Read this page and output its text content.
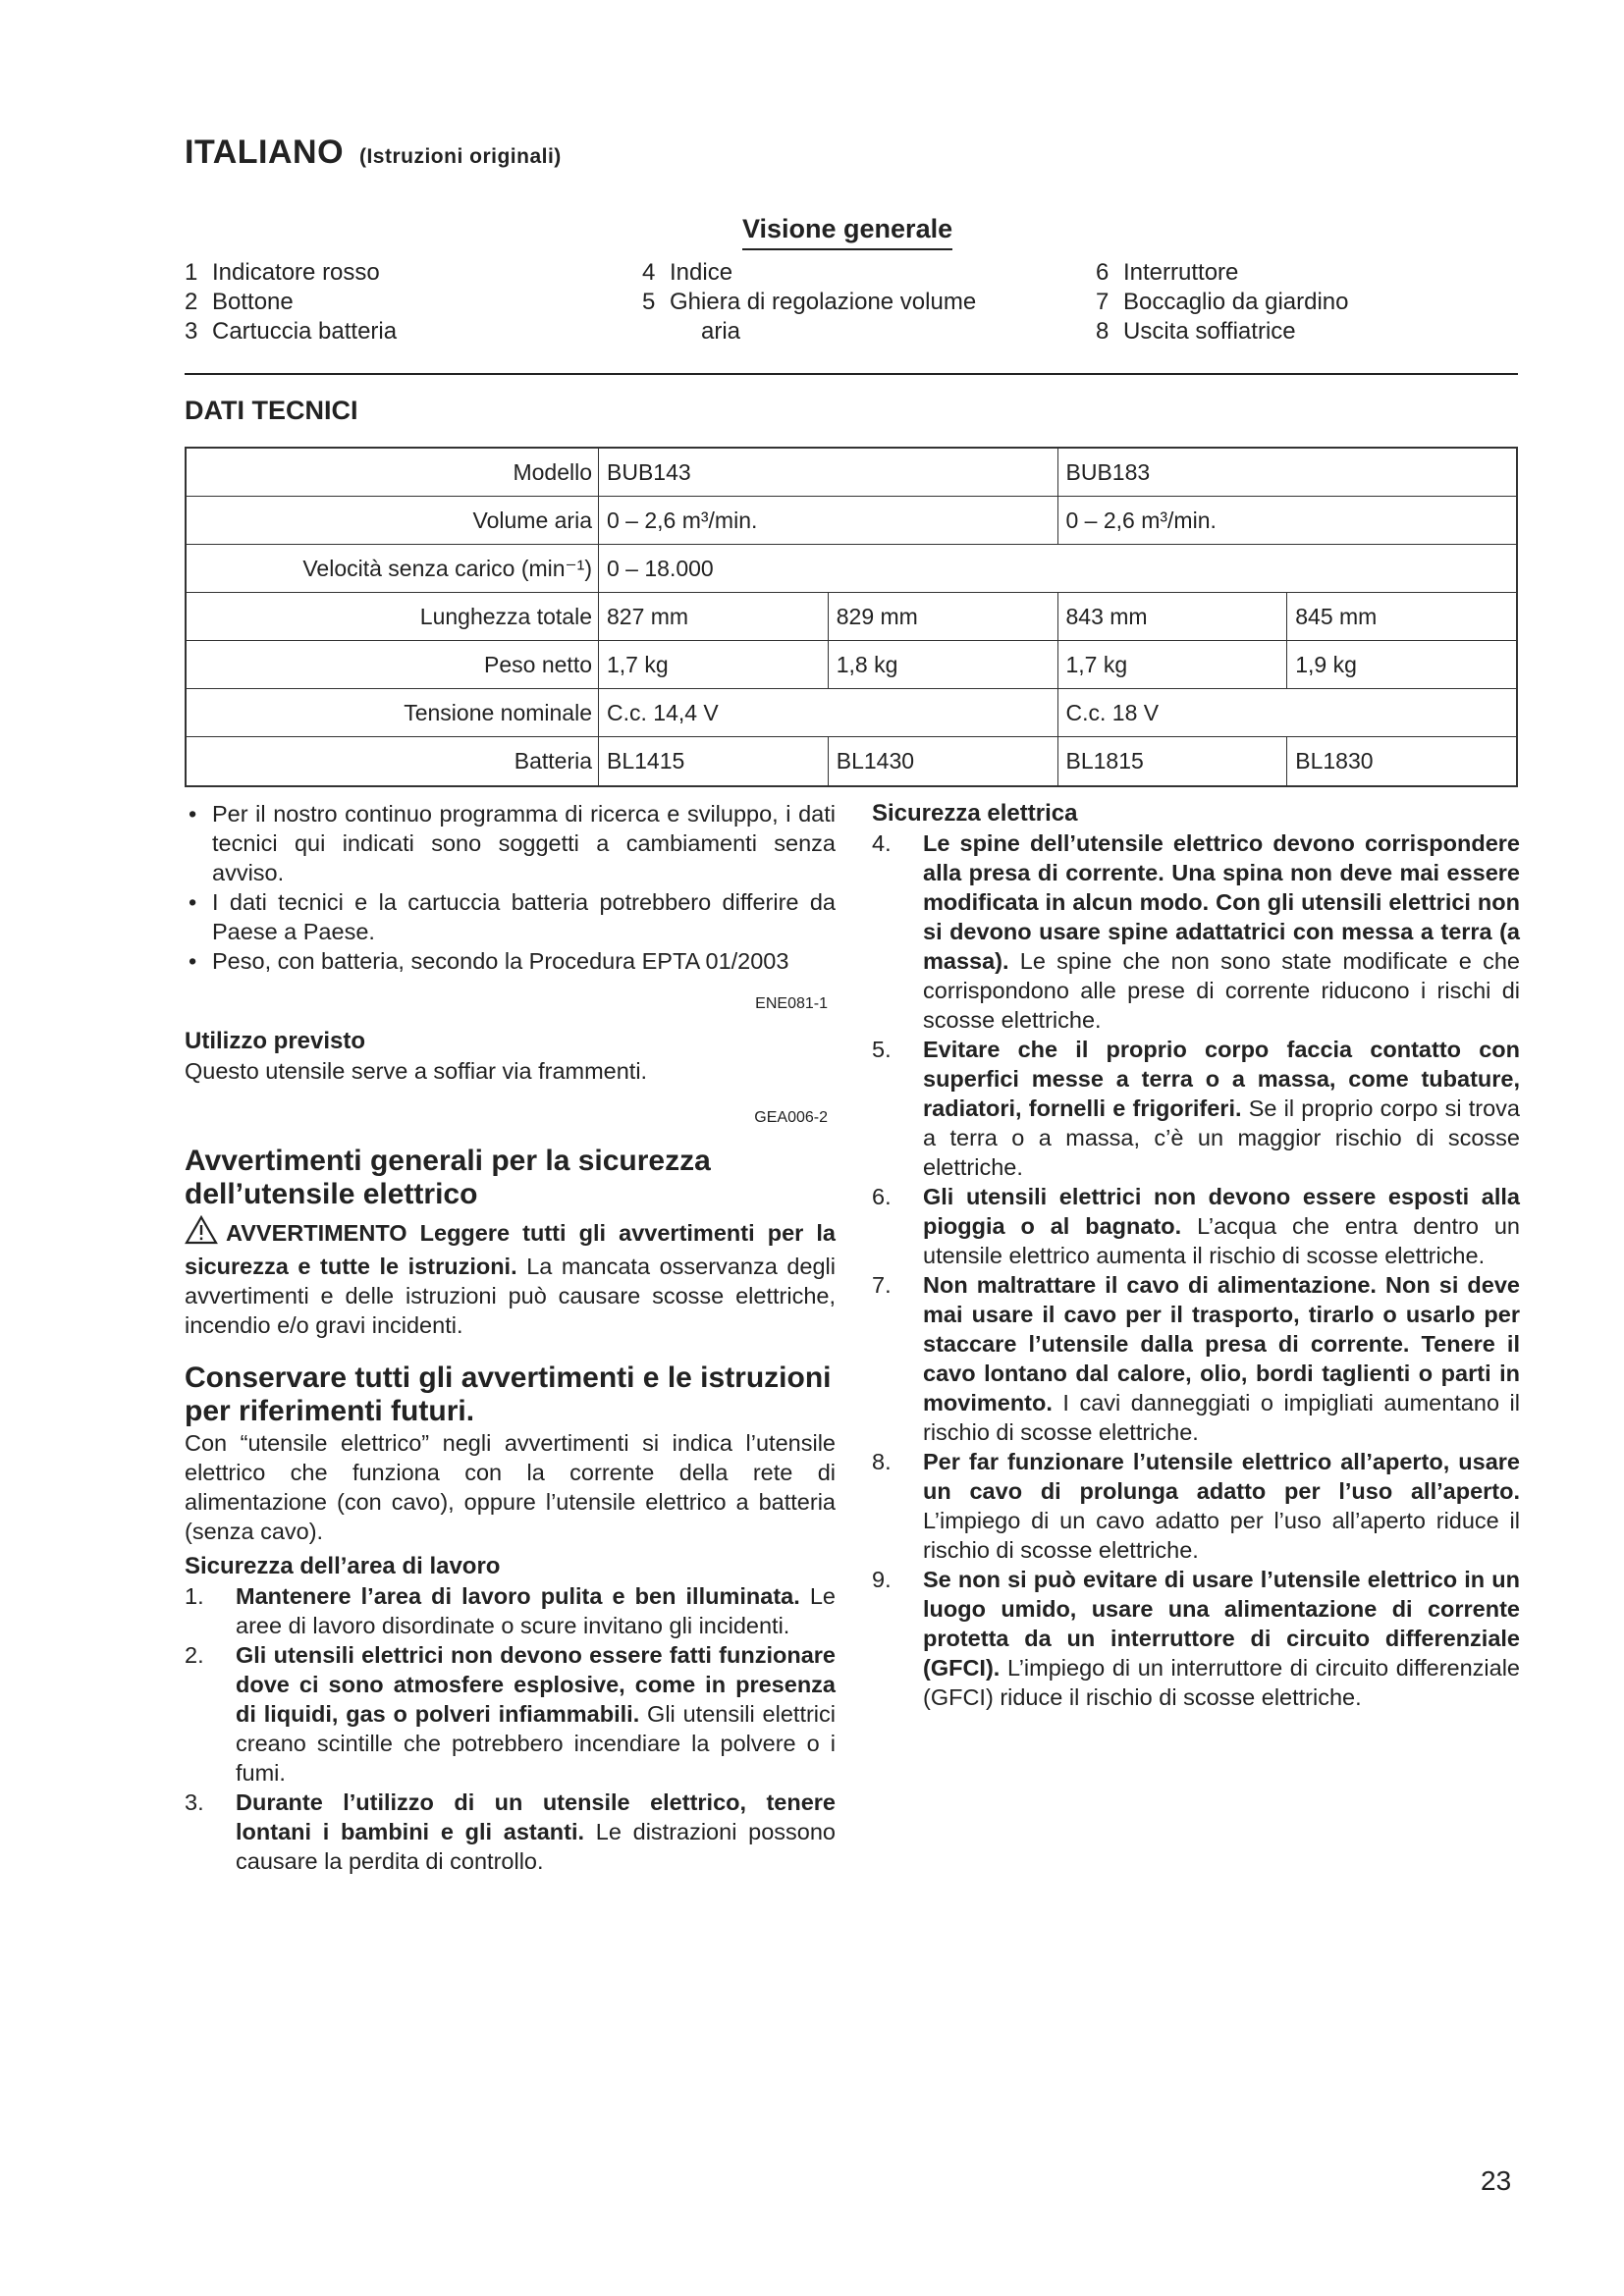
ITALIANO (Istruzioni originali)
Visione generale
1 Indicatore rosso
2 Bottone
3 Cartuccia batteria
4 Indice
5 Ghiera di regolazione volume
aria
6 Interruttore
7 Boccaglio da giardino
8 Uscita soffiatrice
DATI TECNICI
Modello BUB143	BUB183
Volume aria 0 – 2,6 m³/min.	0 – 2,6 m³/min.
Velocità senza carico (min⁻¹) 0 – 18.000
Lunghezza totale 827 mm	829 mm	843 mm	845 mm
Peso netto 1,7 kg	1,8 kg	1,7 kg	1,9 kg
Tensione nominale C.c. 14,4 V	C.c. 18 V
Batteria BL1415	BL1430	BL1815	BL1830
• Per il nostro continuo programma di ricerca e sviluppo, i dati tecnici qui indicati sono soggetti a cambiamenti senza avviso.
• I dati tecnici e la cartuccia batteria potrebbero differire da Paese a Paese.
• Peso, con batteria, secondo la Procedura EPTA 01/2003
ENE081-1
Utilizzo previsto
Questo utensile serve a soffiar via frammenti.
GEA006-2
Avvertimenti generali per la sicurezza dell’utensile elettrico
AVVERTIMENTO Leggere tutti gli avvertimenti per la sicurezza e tutte le istruzioni. La mancata osservanza degli avvertimenti e delle istruzioni può causare scosse elettriche, incendio e/o gravi incidenti.
Conservare tutti gli avvertimenti e le istruzioni per riferimenti futuri.
Con “utensile elettrico” negli avvertimenti si indica l’utensile elettrico che funziona con la corrente della rete di alimentazione (con cavo), oppure l’utensile elettrico a batteria (senza cavo).
Sicurezza dell’area di lavoro
1.	Mantenere l’area di lavoro pulita e ben illuminata. Le aree di lavoro disordinate o scure invitano gli incidenti.
2.	Gli utensili elettrici non devono essere fatti funzionare dove ci sono atmosfere esplosive, come in presenza di liquidi, gas o polveri infiammabili. Gli utensili elettrici creano scintille che potrebbero incendiare la polvere o i fumi.
3.	Durante l’utilizzo di un utensile elettrico, tenere lontani i bambini e gli astanti. Le distrazioni possono causare la perdita di controllo.
Sicurezza elettrica
4.	Le spine dell’utensile elettrico devono corrispondere alla presa di corrente. Una spina non deve mai essere modificata in alcun modo. Con gli utensili elettrici non si devono usare spine adattatrici con messa a terra (a massa). Le spine che non sono state modificate e che corrispondono alle prese di corrente riducono i rischi di scosse elettriche.
5.	Evitare che il proprio corpo faccia contatto con superfici messe a terra o a massa, come tubature, radiatori, fornelli e frigoriferi. Se il proprio corpo si trova a terra o a massa, c’è un maggior rischio di scosse elettriche.
6.	Gli utensili elettrici non devono essere esposti alla pioggia o al bagnato. L’acqua che entra dentro un utensile elettrico aumenta il rischio di scosse elettriche.
7.	Non maltrattare il cavo di alimentazione. Non si deve mai usare il cavo per il trasporto, tirarlo o usarlo per staccare l’utensile dalla presa di corrente. Tenere il cavo lontano dal calore, olio, bordi taglienti o parti in movimento. I cavi danneggiati o impigliati aumentano il rischio di scosse elettriche.
8.	Per far funzionare l’utensile elettrico all’aperto, usare un cavo di prolunga adatto per l’uso all’aperto. L’impiego di un cavo adatto per l’uso all’aperto riduce il rischio di scosse elettriche.
9.	Se non si può evitare di usare l’utensile elettrico in un luogo umido, usare una alimentazione di corrente protetta da un interruttore di circuito differenziale (GFCI). L’impiego di un interruttore di circuito differenziale (GFCI) riduce il rischio di scosse elettriche.
23
